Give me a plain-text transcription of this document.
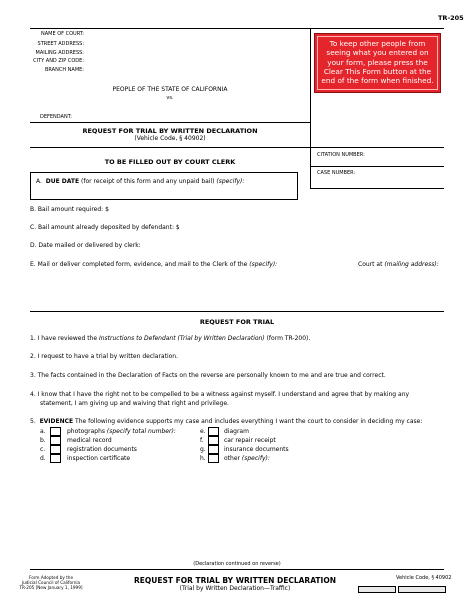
TR-205
NAME OF COURT:
STREET ADDRESS:
MAILING ADDRESS:
CITY AND ZIP CODE:
BRANCH NAME:
PEOPLE OF THE STATE OF CALIFORNIA
vs.
DEFENDANT:
REQUEST FOR TRIAL BY WRITTEN DECLARATION
(Vehicle Code, § 40902)
CITATION NUMBER:
CASE NUMBER:
To keep other people from seeing what you entered on your form, please press the Clear This Form button at the end of the form when finished.
TO BE FILLED OUT BY COURT CLERK
A. DUE DATE (for receipt of this form and any unpaid bail) (specify):
B. Bail amount required: $
C. Bail amount already deposited by defendant: $
D. Date mailed or delivered by clerk:
E. Mail or deliver completed form, evidence, and mail to the Clerk of the (specify):	Court at (mailing address):
REQUEST FOR TRIAL
1. I have reviewed the Instructions to Defendant (Trial by Written Declaration) (form TR-200).
2. I request to have a trial by written declaration.
3. The facts contained in the Declaration of Facts on the reverse are personally known to me and are true and correct.
4. I know that I have the right not to be compelled to be a witness against myself. I understand and agree that by making any
statement, I am giving up and waiving that right and privilege.
5. EVIDENCE The following evidence supports my case and includes everything I want the court to consider in deciding my case:
a.	photographs (specify total number):
b.	medical record
c.	registration documents
d.	inspection certificate
e.	diagram
f.	car repair receipt
g.	insurance documents
h.	other (specify):
(Declaration continued on reverse)
Form Adopted by the
Judicial Council of California
TR-205 [New January 1, 1999]
REQUEST FOR TRIAL BY WRITTEN DECLARATION
(Trial by Written Declaration—Traffic)
Vehicle Code, § 40902
